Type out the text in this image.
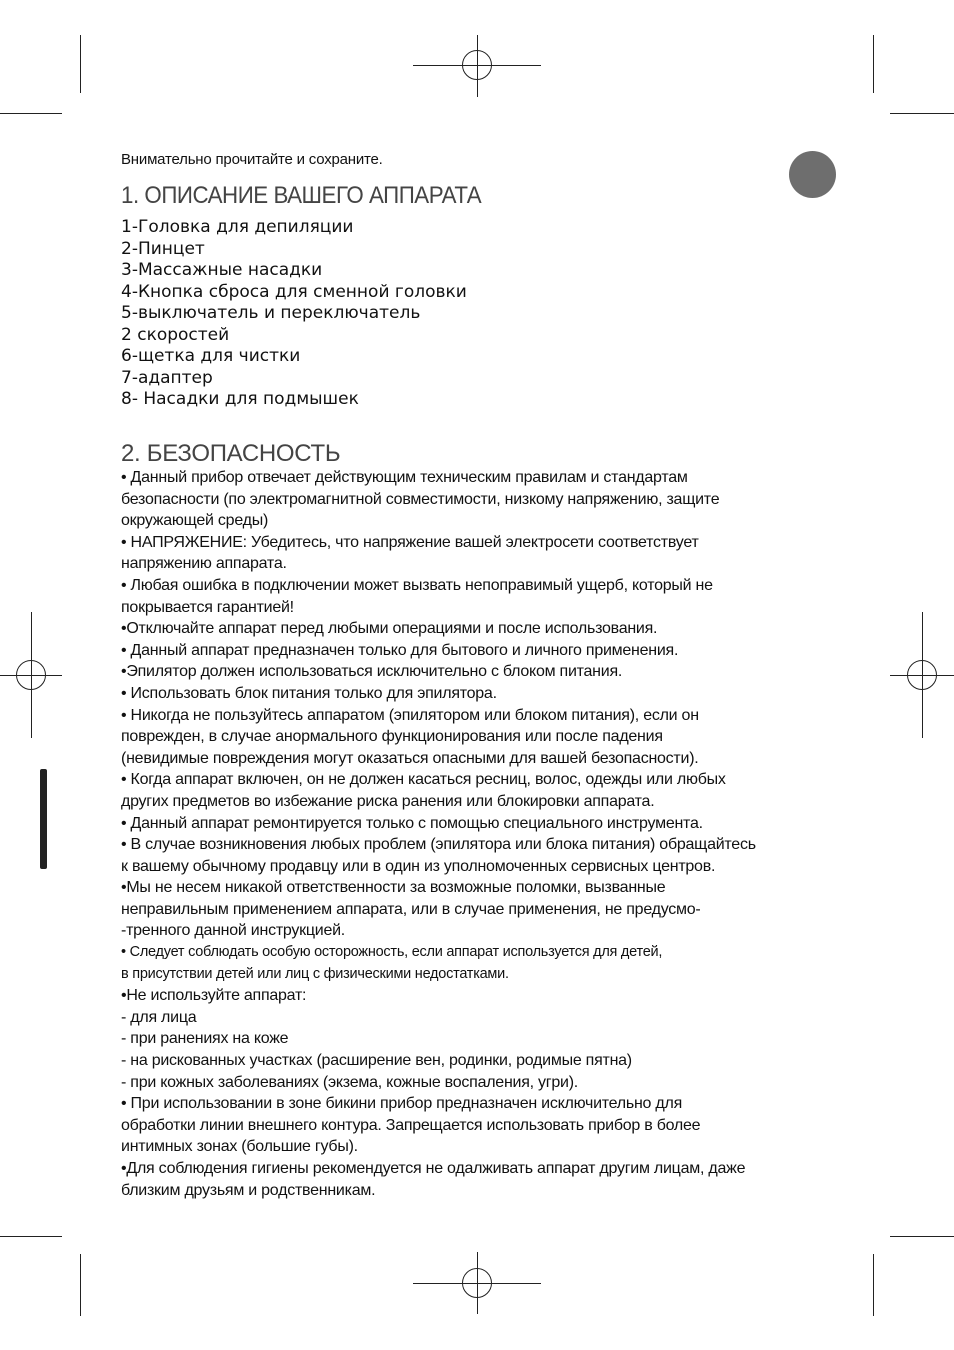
Внимательно прочитайте и сохраните.
1. ОПИСАНИЕ ВАШЕГО АППАРАТА
1-Головка для депиляции
2-Пинцет
3-Массажные насадки
4-Кнопка сброса для сменной головки
5-выключатель и переключатель
2 скоростей
6-щетка для чистки
7-адаптер
8- Насадки для подмышек
2. БЕЗОПАСНОСТЬ
• Данный прибор отвечает действующим техническим правилам и стандартам
безопасности (по электромагнитной совместимости, низкому напряжению, защите
окружающей среды)
• НАПРЯЖЕНИЕ: Убедитесь, что напряжение вашей электросети соответствует
напряжению аппарата.
• Любая ошибка в подключении может вызвать непоправимый ущерб, который не
покрывается гарантией!
•Отключайте аппарат перед любыми операциями и после использования.
• Данный аппарат предназначен только для бытового и личного применения.
•Эпилятор должен использоваться исключительно с блоком питания.
• Использовать блок питания только для эпилятора.
• Никогда не пользуйтесь аппаратом (эпилятором или блоком питания), если он
поврежден, в случае анормального функционирования или после падения
(невидимые повреждения могут оказаться опасными для вашей безопасности).
• Когда аппарат включен, он не должен касаться ресниц, волос, одежды или любых
других предметов во избежание риска ранения или блокировки аппарата.
• Данный аппарат ремонтируется только с помощью специального инструмента.
• В случае возникновения любых проблем (эпилятора или блока питания) обращайтесь
к вашему обычному продавцу или в один из уполномоченных сервисных центров.
•Мы не несем никакой ответственности за возможные поломки, вызванные
неправильным применением аппарата, или в случае применения, не предусмо-
-тренного данной инструкцией.
• Следует соблюдать особую осторожность, если аппарат используется для детей,
в присутствии детей или лиц с физическими недостатками.
•Не используйте аппарат:
- для лица
- при ранениях на коже
- на рискованных участках (расширение вен, родинки, родимые пятна)
- при кожных заболеваниях (экзема, кожные воспаления, угри).
• При использовании в зоне бикини прибор предназначен исключительно для
обработки линии внешнего контура. Запрещается использовать прибор в более
интимных зонах (большие губы).
•Для соблюдения гигиены рекомендуется не одалживать аппарат другим лицам, даже
близким друзьям и родственникам.
